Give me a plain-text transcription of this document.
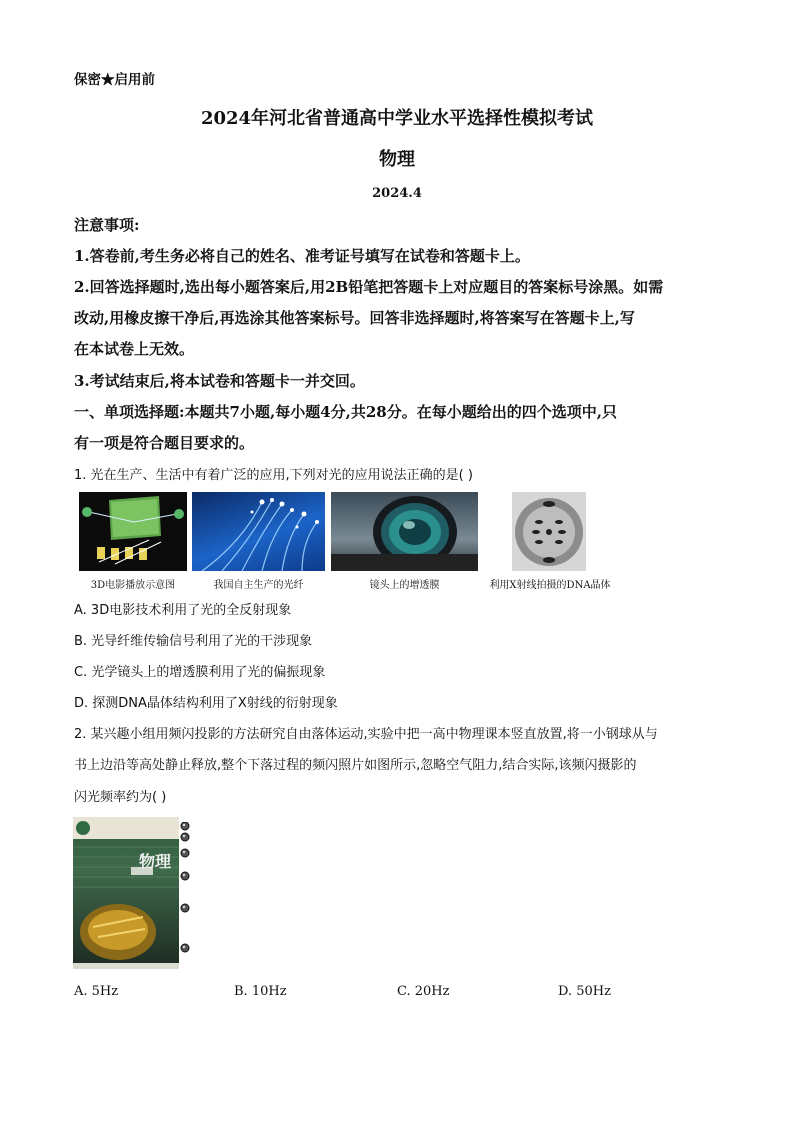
保密★启用前
2024年河北省普通高中学业水平选择性模拟考试
物理
2024.4
注意事项:
1.答卷前,考生务必将自己的姓名、准考证号填写在试卷和答题卡上。
2.回答选择题时,选出每小题答案后,用2B铅笔把答题卡上对应题目的答案标号涂黑。如需
改动,用橡皮擦干净后,再选涂其他答案标号。回答非选择题时,将答案写在答题卡上,写
在本试卷上无效。
3.考试结束后,将本试卷和答题卡一并交回。
一、单项选择题:本题共7小题,每小题4分,共28分。在每小题给出的四个选项中,只
有一项是符合题目要求的。
1. 光在生产、生活中有着广泛的应用,下列对光的应用说法正确的是( )
3D电影播放示意图	我国自主生产的光纤	镜头上的增透膜	利用X射线拍摄的DNA晶体
A. 3D电影技术利用了光的全反射现象
B. 光导纤维传输信号利用了光的干涉现象
C. 光学镜头上的增透膜利用了光的偏振现象
D. 探测DNA晶体结构利用了X射线的衍射现象
2. 某兴趣小组用频闪投影的方法研究自由落体运动,实验中把一高中物理课本竖直放置,将一小钢球从与
书上边沿等高处静止释放,整个下落过程的频闪照片如图所示,忽略空气阻力,结合实际,该频闪摄影的
闪光频率约为( )
物理
A. 5Hz	B. 10Hz	C. 20Hz	D. 50Hz
